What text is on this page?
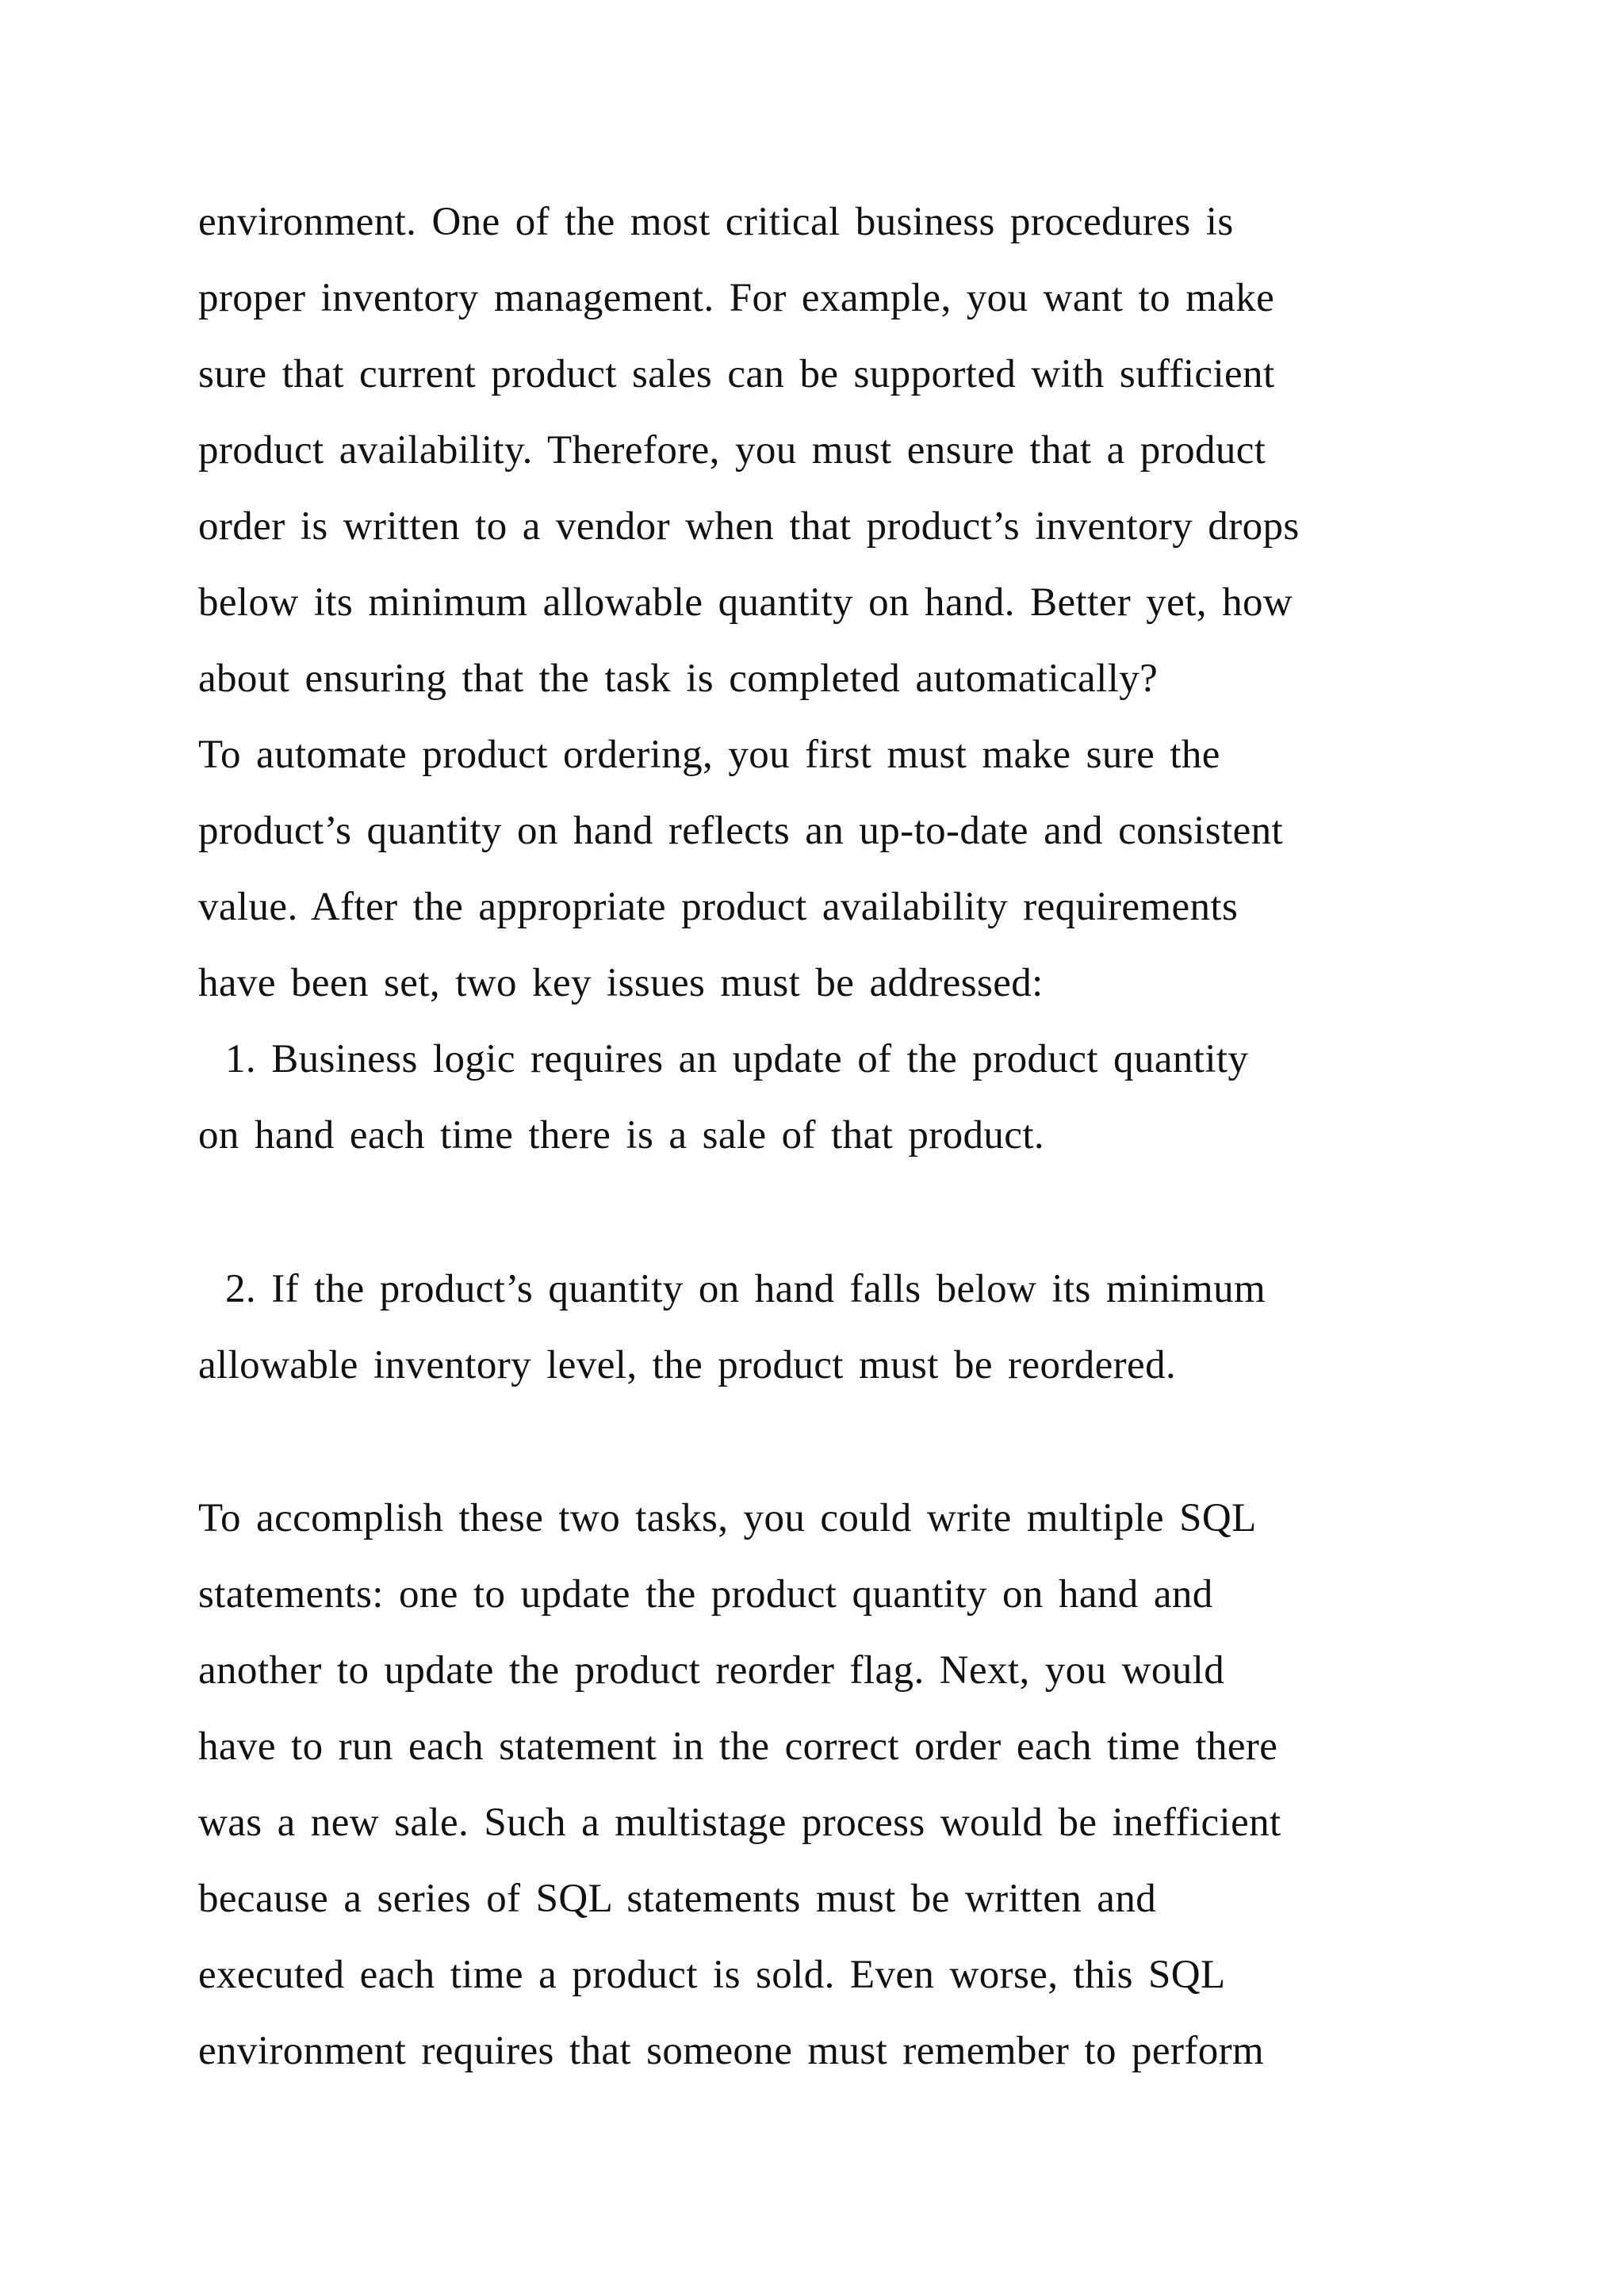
environment. One of the most critical business procedures is
proper inventory management. For example, you want to make
sure that current product sales can be supported with sufficient
product availability. Therefore, you must ensure that a product
order is written to a vendor when that product’s inventory drops
below its minimum allowable quantity on hand. Better yet, how
about ensuring that the task is completed automatically?
To automate product ordering, you first must make sure the
product’s quantity on hand reflects an up-to-date and consistent
value. After the appropriate product availability requirements
have been set, two key issues must be addressed:
1. Business logic requires an update of the product quantity
on hand each time there is a sale of that product.
2. If the product’s quantity on hand falls below its minimum
allowable inventory level, the product must be reordered.
To accomplish these two tasks, you could write multiple SQL
statements: one to update the product quantity on hand and
another to update the product reorder flag. Next, you would
have to run each statement in the correct order each time there
was a new sale. Such a multistage process would be inefficient
because a series of SQL statements must be written and
executed each time a product is sold. Even worse, this SQL
environment requires that someone must remember to perform
